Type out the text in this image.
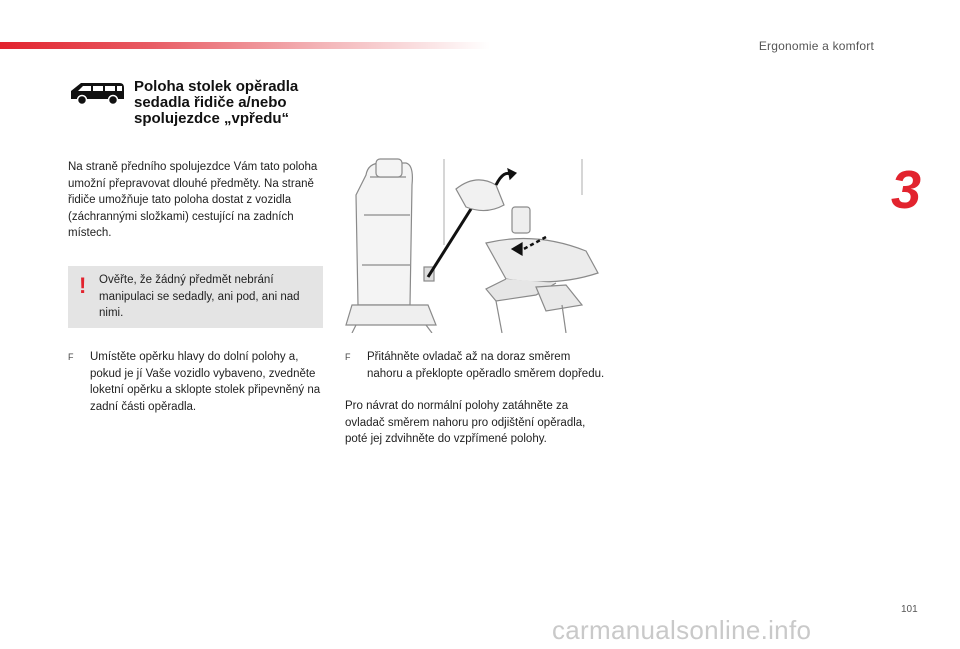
Ergonomie a komfort
3
Poloha stolek opěradla sedadla řidiče a/nebo spolujezdce „vpředu“
Na straně předního spolujezdce Vám tato poloha umožní přepravovat dlouhé předměty. Na straně řidiče umožňuje tato poloha dostat z vozidla (záchrannými složkami) cestující na zadních místech.
! Ověřte, že žádný předmět nebrání manipulaci se sedadly, ani pod, ani nad nimi.
F	Umístěte opěrku hlavy do dolní polohy a, pokud je jí Vaše vozidlo vybaveno, zvedněte loketní opěrku a sklopte stolek připevněný na zadní části opěradla.
F	Přitáhněte ovladač až na doraz směrem nahoru a překlopte opěradlo směrem dopředu.
Pro návrat do normální polohy zatáhněte za ovladač směrem nahoru pro odjištění opěradla, poté jej zdvihněte do vzpřímené polohy.
101
carmanualsonline.info
